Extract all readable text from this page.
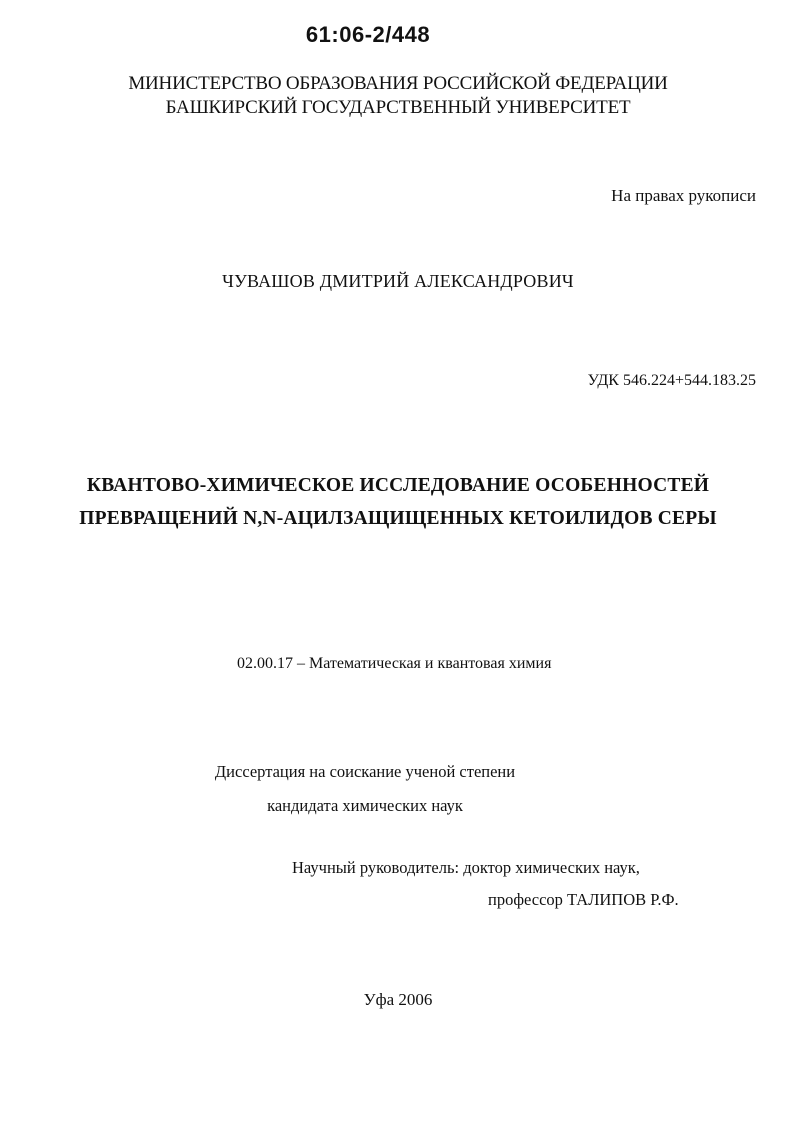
61:06-2/448
МИНИСТЕРСТВО ОБРАЗОВАНИЯ РОССИЙСКОЙ ФЕДЕРАЦИИ
БАШКИРСКИЙ ГОСУДАРСТВЕННЫЙ УНИВЕРСИТЕТ
На правах рукописи
ЧУВАШОВ ДМИТРИЙ АЛЕКСАНДРОВИЧ
УДК 546.224+544.183.25
КВАНТОВО-ХИМИЧЕСКОЕ ИССЛЕДОВАНИЕ ОСОБЕННОСТЕЙ
ПРЕВРАЩЕНИЙ N,N-АЦИЛЗАЩИЩЕННЫХ КЕТОИЛИДОВ СЕРЫ
02.00.17 – Математическая и квантовая химия
Диссертация на соискание ученой степени
кандидата химических наук
Научный руководитель: доктор химических наук,
профессор ТАЛИПОВ Р.Ф.
Уфа 2006
